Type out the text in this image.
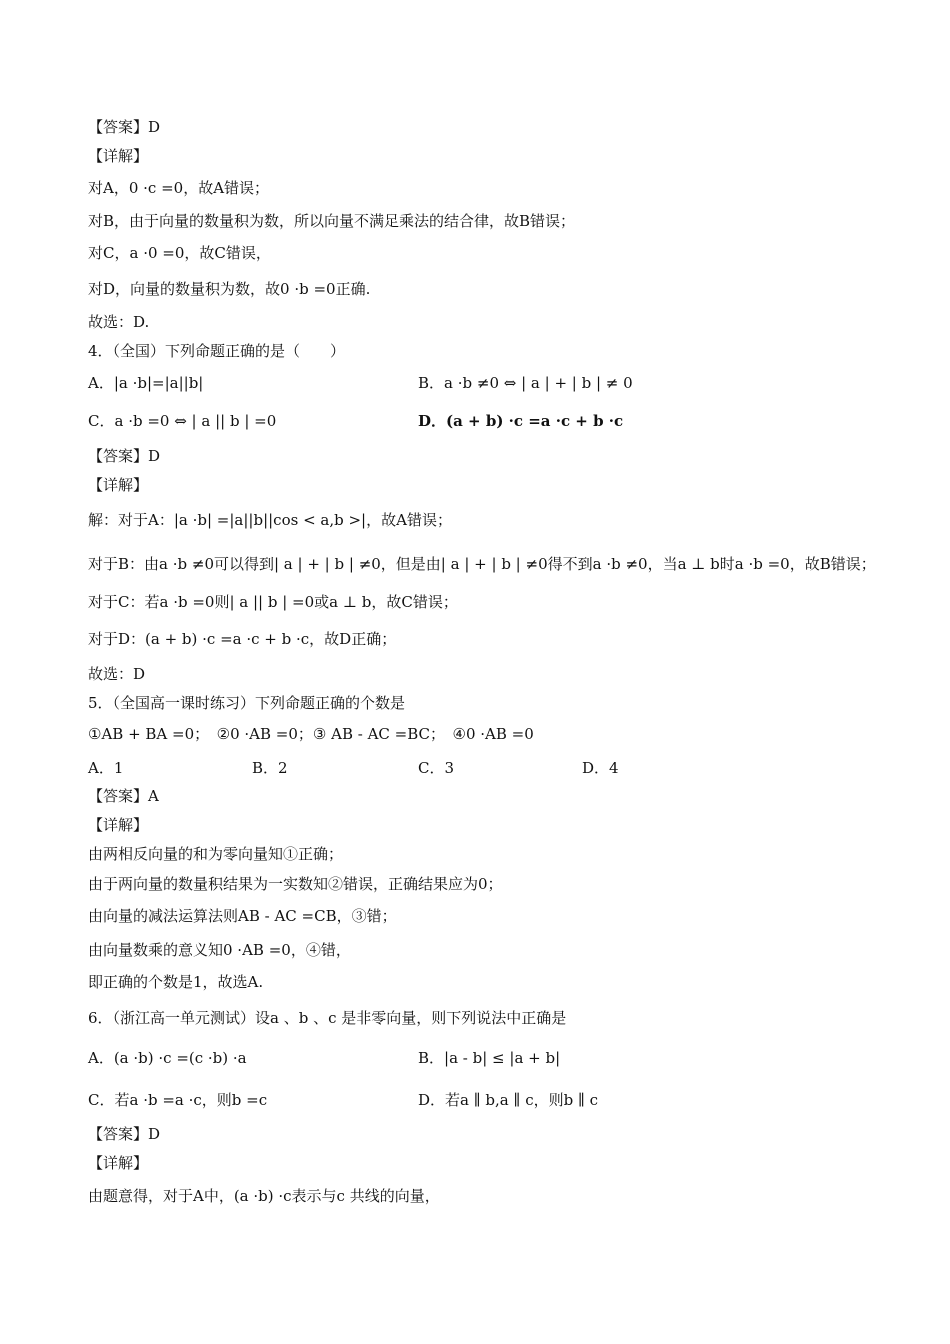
【答案】D
【详解】
对A，0 ·c =0，故A错误；
对B，由于向量的数量积为数，所以向量不满足乘法的结合律，故B错误；
对C，a ·0 =0，故C错误，
对D，向量的数量积为数，故0 ·b =0正确.
故选：D.
4．（全国）下列命题正确的是（　　）
A．|a ·b|=|a||b|	B．a ·b ≠0 ⇔ | a | + | b | ≠ 0
C．a ·b =0 ⇔ | a || b | =0	D．(a + b) ·c =a ·c + b ·c
【答案】D
【详解】
解：对于A：|a ·b| =|a||b||cos < a,b >|，故A错误；
对于B：由a ·b ≠0可以得到| a | + | b | ≠0，但是由| a | + | b | ≠0得不到a ·b ≠0，当a ⊥ b时a ·b =0，故B错误；
对于C：若a ·b =0则| a || b | =0或a ⊥ b，故C错误；
对于D：(a + b) ·c =a ·c + b ·c，故D正确；
故选：D
5．（全国高一课时练习）下列命题正确的个数是
①AB + BA =0；　②0 ·AB =0；③ AB - AC =BC；　④0 ·AB =0
A．1	B．2	C．3	D．4
【答案】A
【详解】
由两相反向量的和为零向量知①正确；
由于两向量的数量积结果为一实数知②错误，正确结果应为0；
由向量的减法运算法则AB - AC =CB，③错；
由向量数乘的意义知0 ·AB =0，④错，
即正确的个数是1，故选A.
6．（浙江高一单元测试）设a 、b 、c 是非零向量，则下列说法中正确是
A．(a ·b) ·c =(c ·b) ·a	B．|a - b| ≤ |a + b|
C．若a ·b =a ·c，则b =c	D．若a ∥ b,a ∥ c，则b ∥ c
【答案】D
【详解】
由题意得，对于A中，(a ·b) ·c表示与c 共线的向量，
